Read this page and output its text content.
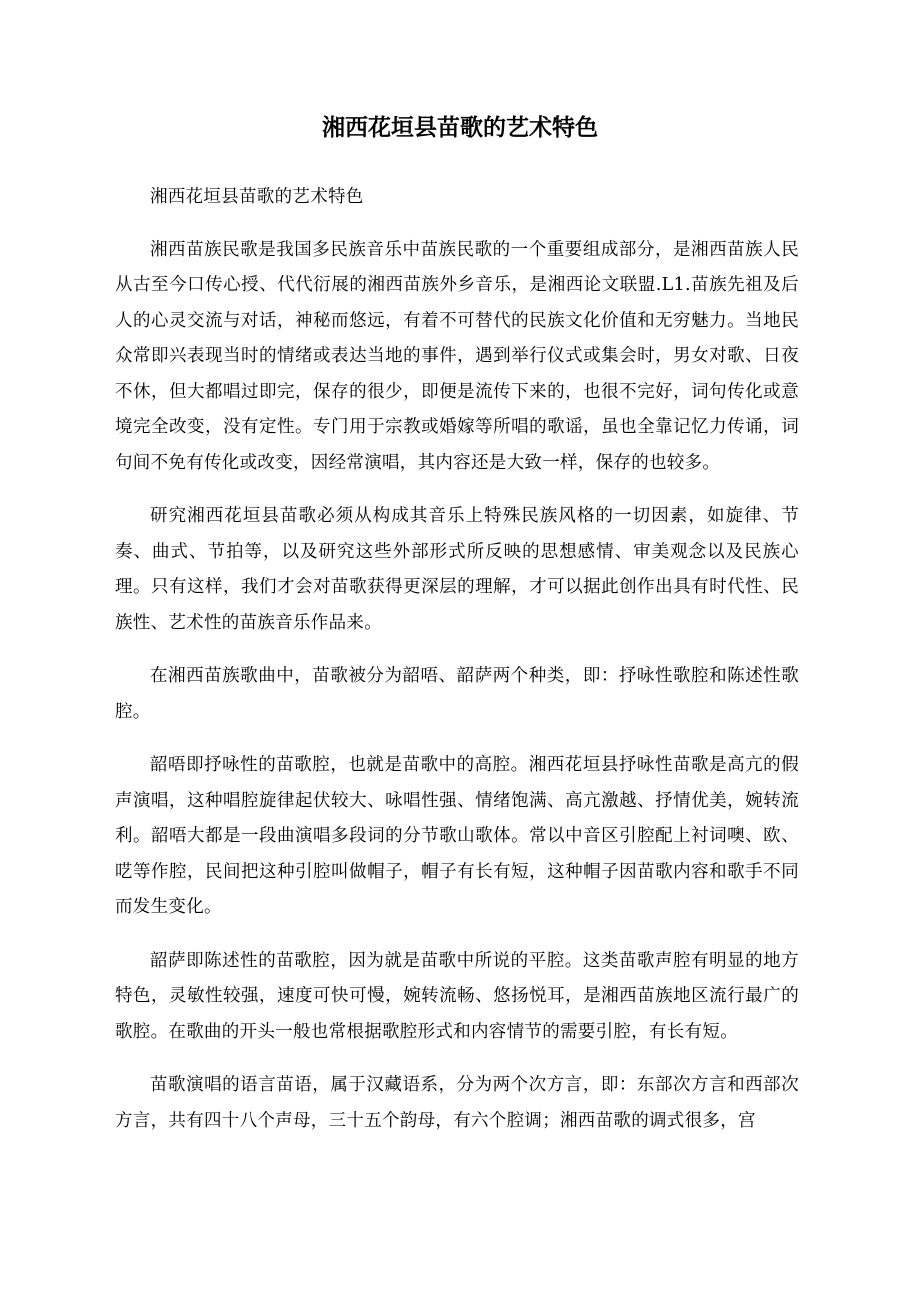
湘西花垣县苗歌的艺术特色

湘西花垣县苗歌的艺术特色

湘西苗族民歌是我国多民族音乐中苗族民歌的一个重要组成部分，是湘西苗族人民从古至今口传心授、代代衍展的湘西苗族外乡音乐，是湘西论文联盟.L1.苗族先祖及后人的心灵交流与对话，神秘而悠远，有着不可替代的民族文化价值和无穷魅力。当地民众常即兴表现当时的情绪或表达当地的事件，遇到举行仪式或集会时，男女对歌、日夜不休，但大都唱过即完，保存的很少，即便是流传下来的，也很不完好，词句传化或意境完全改变，没有定性。专门用于宗教或婚嫁等所唱的歌谣，虽也全靠记忆力传诵，词句间不免有传化或改变，因经常演唱，其内容还是大致一样，保存的也较多。

研究湘西花垣县苗歌必须从构成其音乐上特殊民族风格的一切因素，如旋律、节奏、曲式、节拍等，以及研究这些外部形式所反映的思想感情、审美观念以及民族心理。只有这样，我们才会对苗歌获得更深层的理解，才可以据此创作出具有时代性、民族性、艺术性的苗族音乐作品来。

在湘西苗族歌曲中，苗歌被分为韶唔、韶萨两个种类，即：抒咏性歌腔和陈述性歌腔。

韶唔即抒咏性的苗歌腔，也就是苗歌中的高腔。湘西花垣县抒咏性苗歌是高亢的假声演唱，这种唱腔旋律起伏较大、咏唱性强、情绪饱满、高亢激越、抒情优美，婉转流利。韶唔大都是一段曲演唱多段词的分节歌山歌体。常以中音区引腔配上衬词噢、欧、呓等作腔，民间把这种引腔叫做帽子，帽子有长有短，这种帽子因苗歌内容和歌手不同而发生变化。

韶萨即陈述性的苗歌腔，因为就是苗歌中所说的平腔。这类苗歌声腔有明显的地方特色，灵敏性较强，速度可快可慢，婉转流畅、悠扬悦耳，是湘西苗族地区流行最广的歌腔。在歌曲的开头一般也常根据歌腔形式和内容情节的需要引腔，有长有短。

苗歌演唱的语言苗语，属于汉藏语系，分为两个次方言，即：东部次方言和西部次方言，共有四十八个声母，三十五个韵母，有六个腔调；湘西苗歌的调式很多，宫
